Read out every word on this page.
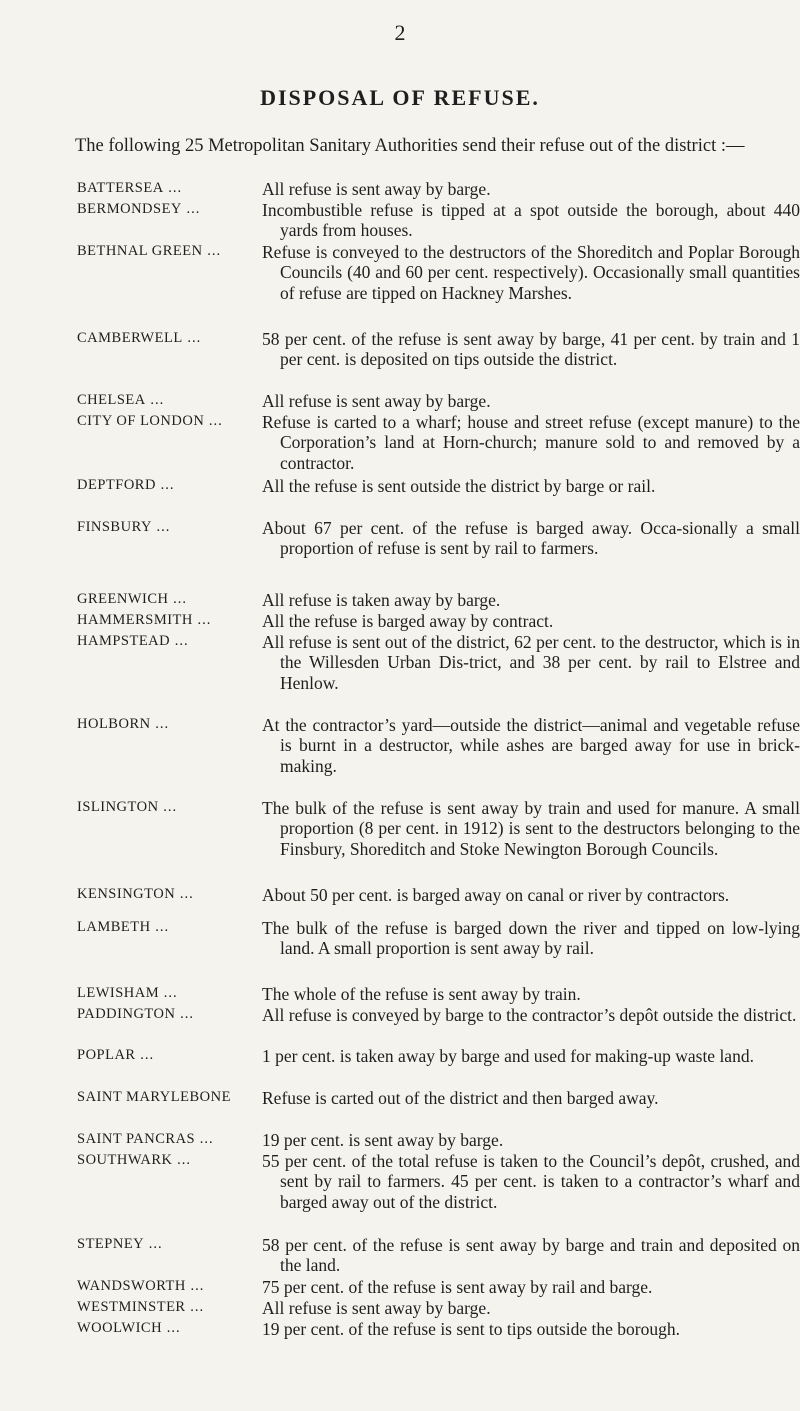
2
DISPOSAL OF REFUSE.
The following 25 Metropolitan Sanitary Authorities send their refuse out of the district :—
BATTERSEA ...	All refuse is sent away by barge.
BERMONDSEY ...	Incombustible refuse is tipped at a spot outside the borough, about 440 yards from houses.
BETHNAL GREEN ...	Refuse is conveyed to the destructors of the Shoreditch and Poplar Borough Councils (40 and 60 per cent. respectively). Occasionally small quantities of refuse are tipped on Hackney Marshes.
CAMBERWELL ...	58 per cent. of the refuse is sent away by barge, 41 per cent. by train and 1 per cent. is deposited on tips outside the district.
CHELSEA ...	All refuse is sent away by barge.
CITY OF LONDON ...	Refuse is carted to a wharf; house and street refuse (except manure) to the Corporation’s land at Horn-church; manure sold to and removed by a contractor.
DEPTFORD ...	All the refuse is sent outside the district by barge or rail.
FINSBURY ...	About 67 per cent. of the refuse is barged away. Occa-sionally a small proportion of refuse is sent by rail to farmers.
GREENWICH ...	All refuse is taken away by barge.
HAMMERSMITH ...	All the refuse is barged away by contract.
HAMPSTEAD ...	All refuse is sent out of the district, 62 per cent. to the destructor, which is in the Willesden Urban Dis-trict, and 38 per cent. by rail to Elstree and Henlow.
HOLBORN ...	At the contractor’s yard—outside the district—animal and vegetable refuse is burnt in a destructor, while ashes are barged away for use in brick-making.
ISLINGTON ...	The bulk of the refuse is sent away by train and used for manure. A small proportion (8 per cent. in 1912) is sent to the destructors belonging to the Finsbury, Shoreditch and Stoke Newington Borough Councils.
KENSINGTON ...	About 50 per cent. is barged away on canal or river by contractors.
LAMBETH ...	The bulk of the refuse is barged down the river and tipped on low-lying land. A small proportion is sent away by rail.
LEWISHAM ...	The whole of the refuse is sent away by train.
PADDINGTON ...	All refuse is conveyed by barge to the contractor’s depôt outside the district.
POPLAR ...	1 per cent. is taken away by barge and used for making-up waste land.
SAINT MARYLEBONE	Refuse is carted out of the district and then barged away.
SAINT PANCRAS ...	19 per cent. is sent away by barge.
SOUTHWARK ...	55 per cent. of the total refuse is taken to the Council’s depôt, crushed, and sent by rail to farmers. 45 per cent. is taken to a contractor’s wharf and barged away out of the district.
STEPNEY ...	58 per cent. of the refuse is sent away by barge and train and deposited on the land.
WANDSWORTH ...	75 per cent. of the refuse is sent away by rail and barge.
WESTMINSTER ...	All refuse is sent away by barge.
WOOLWICH ...	19 per cent. of the refuse is sent to tips outside the borough.
